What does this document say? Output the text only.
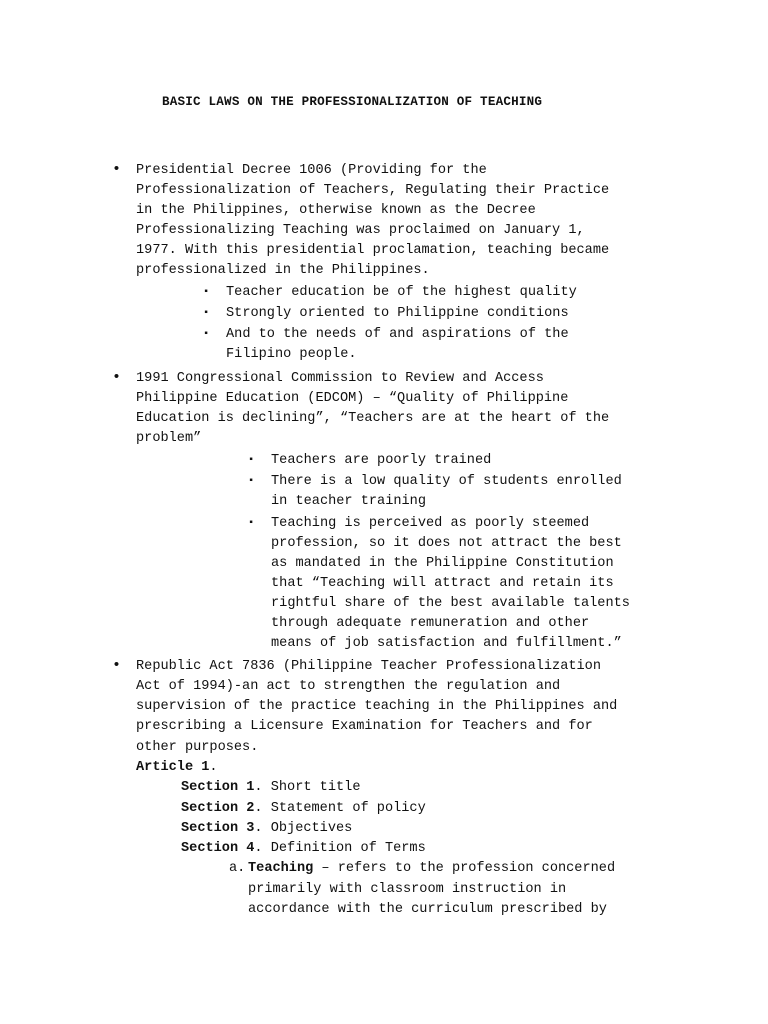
BASIC LAWS ON THE PROFESSIONALIZATION OF TEACHING
• Presidential Decree 1006 (Providing for the
Professionalization of Teachers, Regulating their Practice
in the Philippines, otherwise known as the Decree
Professionalizing Teaching was proclaimed on January 1,
1977. With this presidential proclamation, teaching became
professionalized in the Philippines.
▪ Teacher education be of the highest quality
▪ Strongly oriented to Philippine conditions
▪ And to the needs of and aspirations of the
Filipino people.
• 1991 Congressional Commission to Review and Access
Philippine Education (EDCOM) – “Quality of Philippine
Education is declining”, “Teachers are at the heart of the
problem”
▪ Teachers are poorly trained
▪ There is a low quality of students enrolled
in teacher training
▪ Teaching is perceived as poorly steemed
profession, so it does not attract the best
as mandated in the Philippine Constitution
that “Teaching will attract and retain its
rightful share of the best available talents
through adequate remuneration and other
means of job satisfaction and fulfillment.”
• Republic Act 7836 (Philippine Teacher Professionalization
Act of 1994)-an act to strengthen the regulation and
supervision of the practice teaching in the Philippines and
prescribing a Licensure Examination for Teachers and for
other purposes.
Article 1.
Section 1. Short title
Section 2. Statement of policy
Section 3. Objectives
Section 4. Definition of Terms
a. Teaching – refers to the profession concerned
primarily with classroom instruction in
accordance with the curriculum prescribed by
